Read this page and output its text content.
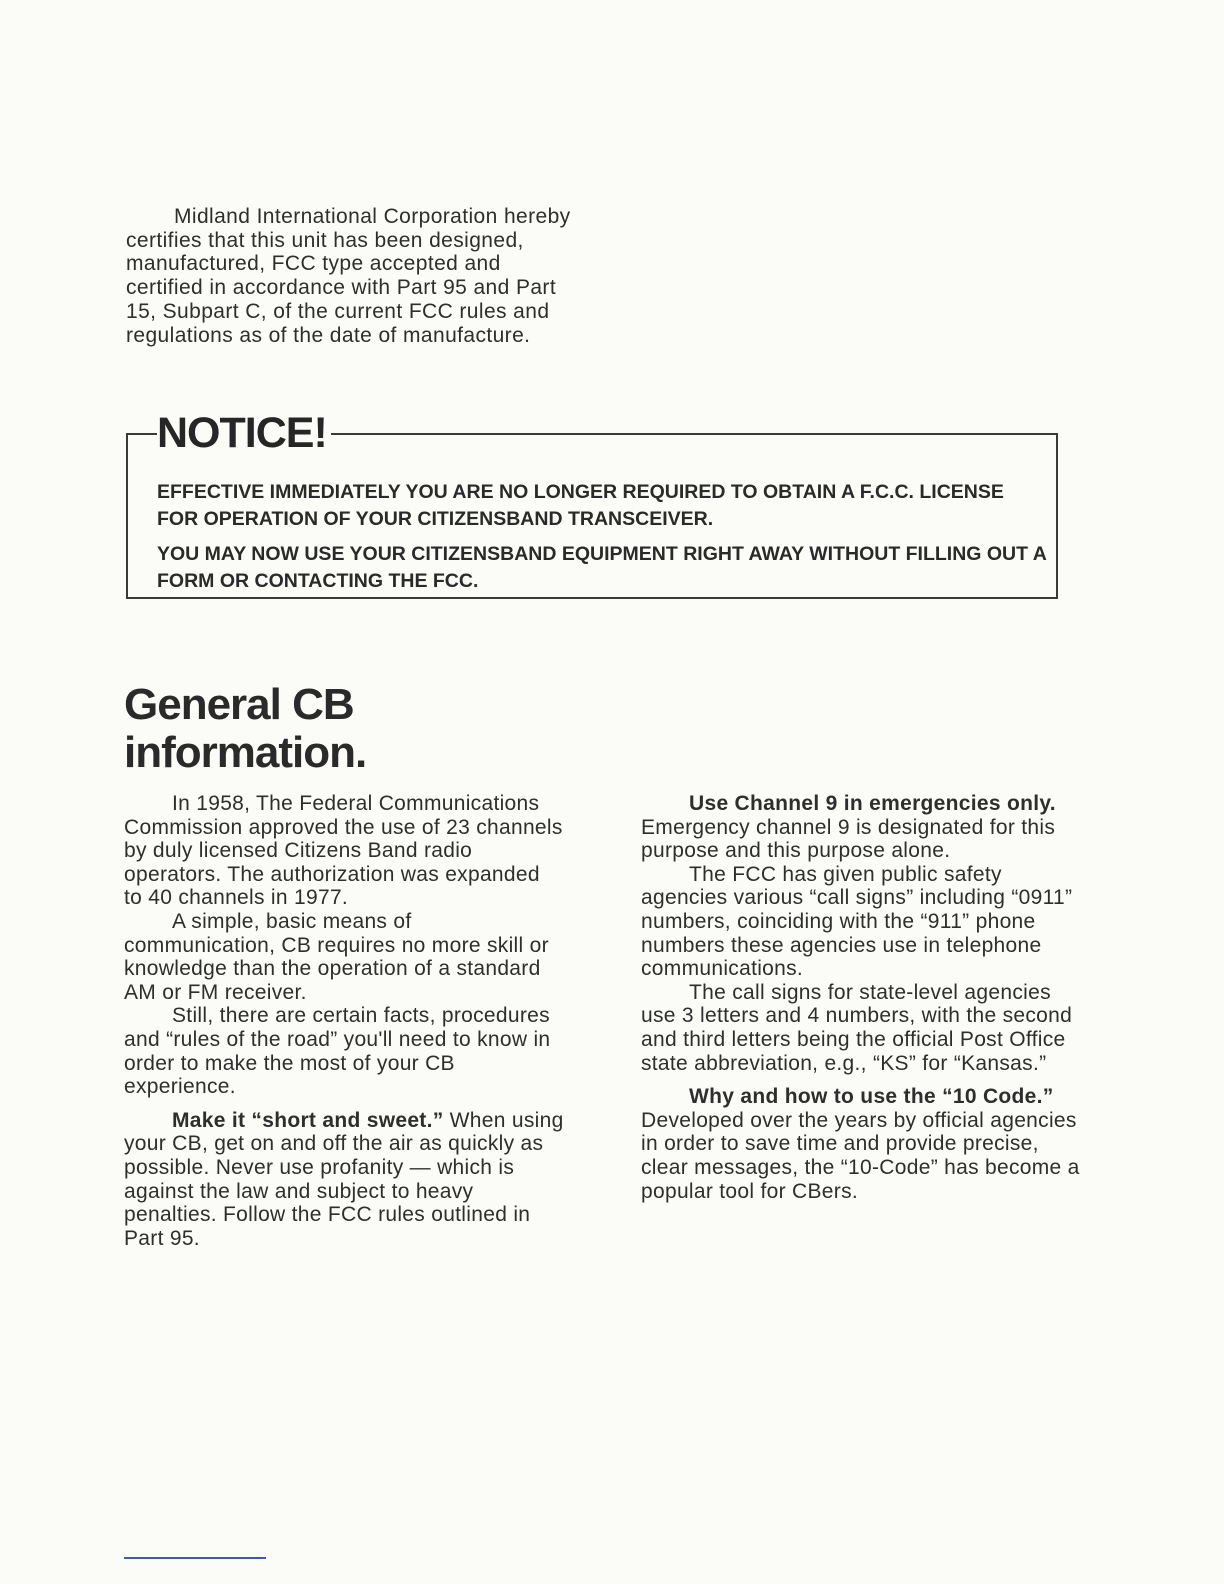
Midland International Corporation hereby certifies that this unit has been designed, manufactured, FCC type accepted and certified in accordance with Part 95 and Part 15, Subpart C, of the current FCC rules and regulations as of the date of manufacture.

NOTICE!

EFFECTIVE IMMEDIATELY YOU ARE NO LONGER REQUIRED TO OBTAIN A F.C.C. LICENSE FOR OPERATION OF YOUR CITIZENSBAND TRANSCEIVER.

YOU MAY NOW USE YOUR CITIZENSBAND EQUIPMENT RIGHT AWAY WITHOUT FILLING OUT A FORM OR CONTACTING THE FCC.

General CB
information.

In 1958, The Federal Communications Commission approved the use of 23 channels by duly licensed Citizens Band radio operators. The authorization was expanded to 40 channels in 1977.

A simple, basic means of communication, CB requires no more skill or knowledge than the operation of a standard AM or FM receiver.

Still, there are certain facts, procedures and “rules of the road” you'll need to know in order to make the most of your CB experience.

Make it “short and sweet.” When using your CB, get on and off the air as quickly as possible. Never use profanity — which is against the law and subject to heavy penalties. Follow the FCC rules outlined in Part 95.

Use Channel 9 in emergencies only. Emergency channel 9 is designated for this purpose and this purpose alone.

The FCC has given public safety agencies various “call signs” including “0911” numbers, coinciding with the “911” phone numbers these agencies use in telephone communications.

The call signs for state-level agencies use 3 letters and 4 numbers, with the second and third letters being the official Post Office state abbreviation, e.g., “KS” for “Kansas.”

Why and how to use the “10 Code.” Developed over the years by official agencies in order to save time and provide precise, clear messages, the “10-Code” has become a popular tool for CBers.
